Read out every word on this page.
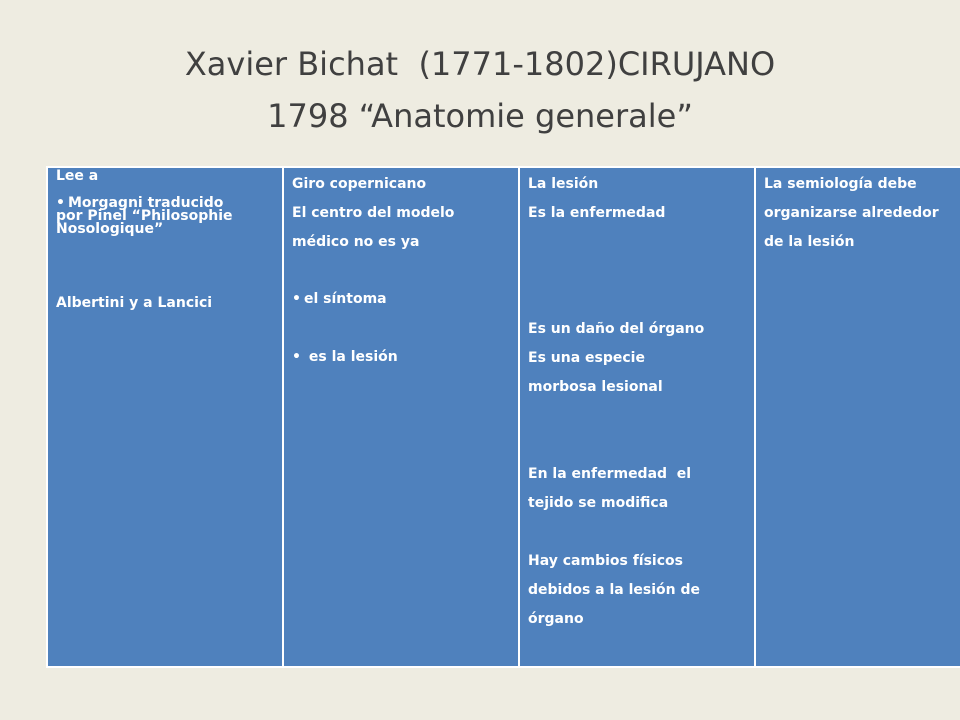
Xavier Bichat  (1771-1802)CIRUJANO
1798 “Anatomie generale”
Lee a
• Morgagni traducido
por Pinel “Philosophie
Nosologique”
Albertini y a Lancici

Giro copernicano
El centro del modelo
médico no es ya
• el síntoma
•  es la lesión

La lesión
Es la enfermedad
Es un daño del órgano
Es una especie
morbosa lesional
En la enfermedad  el
tejido se modifica
Hay cambios físicos
debidos a la lesión de
órgano

La semiología debe
organizarse alrededor
de la lesión
